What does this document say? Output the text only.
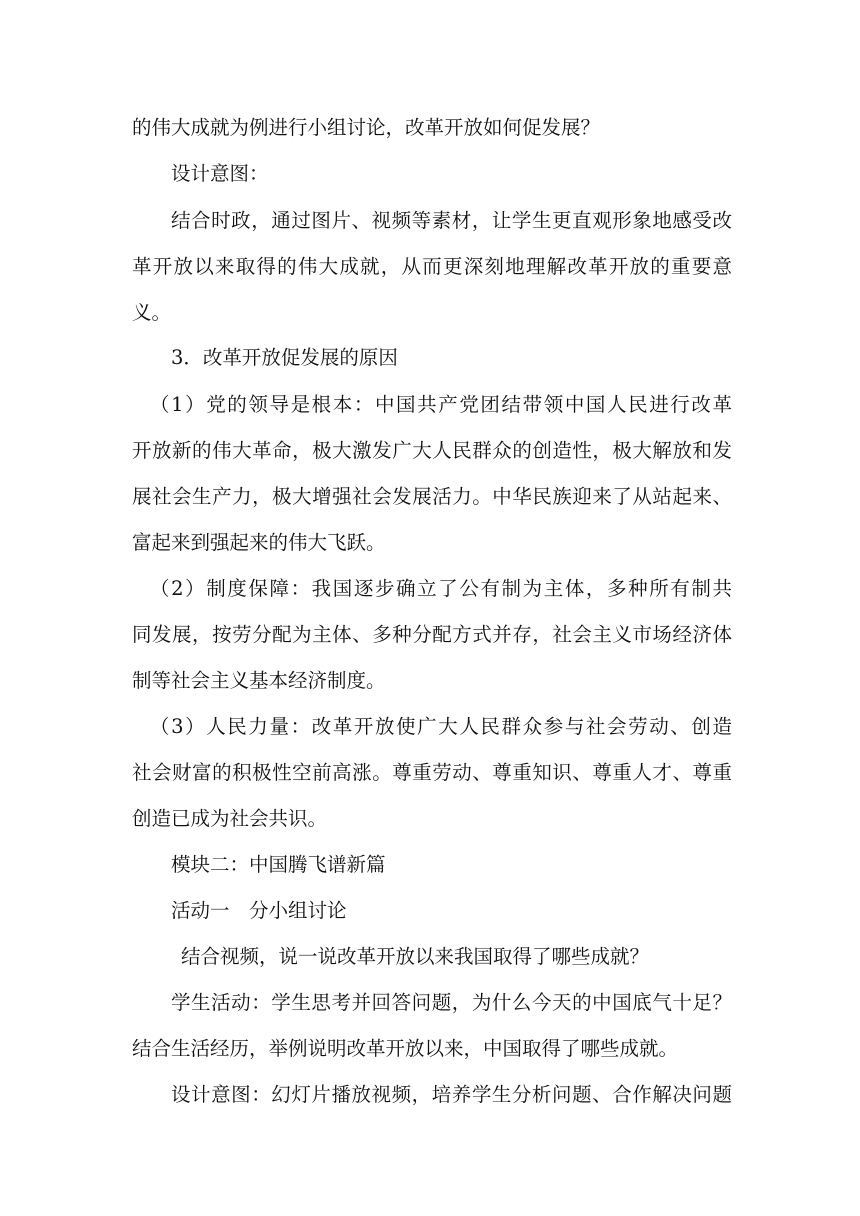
的伟大成就为例进行小组讨论，改革开放如何促发展？
设计意图：
结合时政，通过图片、视频等素材，让学生更直观形象地感受改
革开放以来取得的伟大成就，从而更深刻地理解改革开放的重要意
义。
3．改革开放促发展的原因
（1）党的领导是根本：中国共产党团结带领中国人民进行改革
开放新的伟大革命，极大激发广大人民群众的创造性，极大解放和发
展社会生产力，极大增强社会发展活力。中华民族迎来了从站起来、
富起来到强起来的伟大飞跃。
（2）制度保障：我国逐步确立了公有制为主体，多种所有制共
同发展，按劳分配为主体、多种分配方式并存，社会主义市场经济体
制等社会主义基本经济制度。
（3）人民力量：改革开放使广大人民群众参与社会劳动、创造
社会财富的积极性空前高涨。尊重劳动、尊重知识、尊重人才、尊重
创造已成为社会共识。
模块二：中国腾飞谱新篇
活动一　分小组讨论
结合视频，说一说改革开放以来我国取得了哪些成就？
学生活动：学生思考并回答问题，为什么今天的中国底气十足？
结合生活经历，举例说明改革开放以来，中国取得了哪些成就。
设计意图：幻灯片播放视频，培养学生分析问题、合作解决问题
